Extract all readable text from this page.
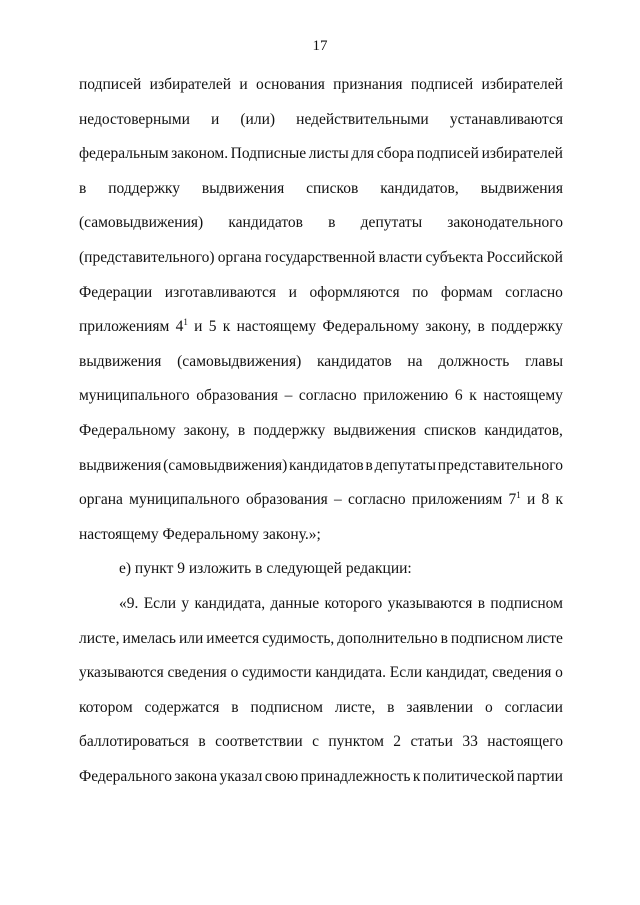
17
подписей избирателей и основания признания подписей избирателей
недостоверными и (или) недействительными устанавливаются
федеральным законом. Подписные листы для сбора подписей избирателей
в поддержку выдвижения списков кандидатов, выдвижения
(самовыдвижения) кандидатов в депутаты законодательного
(представительного) органа государственной власти субъекта Российской
Федерации изготавливаются и оформляются по формам согласно
приложениям $4^1$ и 5 к настоящему Федеральному закону, в поддержку
выдвижения (самовыдвижения) кандидатов на должность главы
муниципального образования – согласно приложению 6 к настоящему
Федеральному закону, в поддержку выдвижения списков кандидатов,
выдвижения (самовыдвижения) кандидатов в депутаты представительного
органа муниципального образования – согласно приложениям $7^1$ и 8 к
настоящему Федеральному закону.»;
е) пункт 9 изложить в следующей редакции:
«9. Если у кандидата, данные которого указываются в подписном
листе, имелась или имеется судимость, дополнительно в подписном листе
указываются сведения о судимости кандидата. Если кандидат, сведения о
котором содержатся в подписном листе, в заявлении о согласии
баллотироваться в соответствии с пунктом 2 статьи 33 настоящего
Федерального закона указал свою принадлежность к политической партии
